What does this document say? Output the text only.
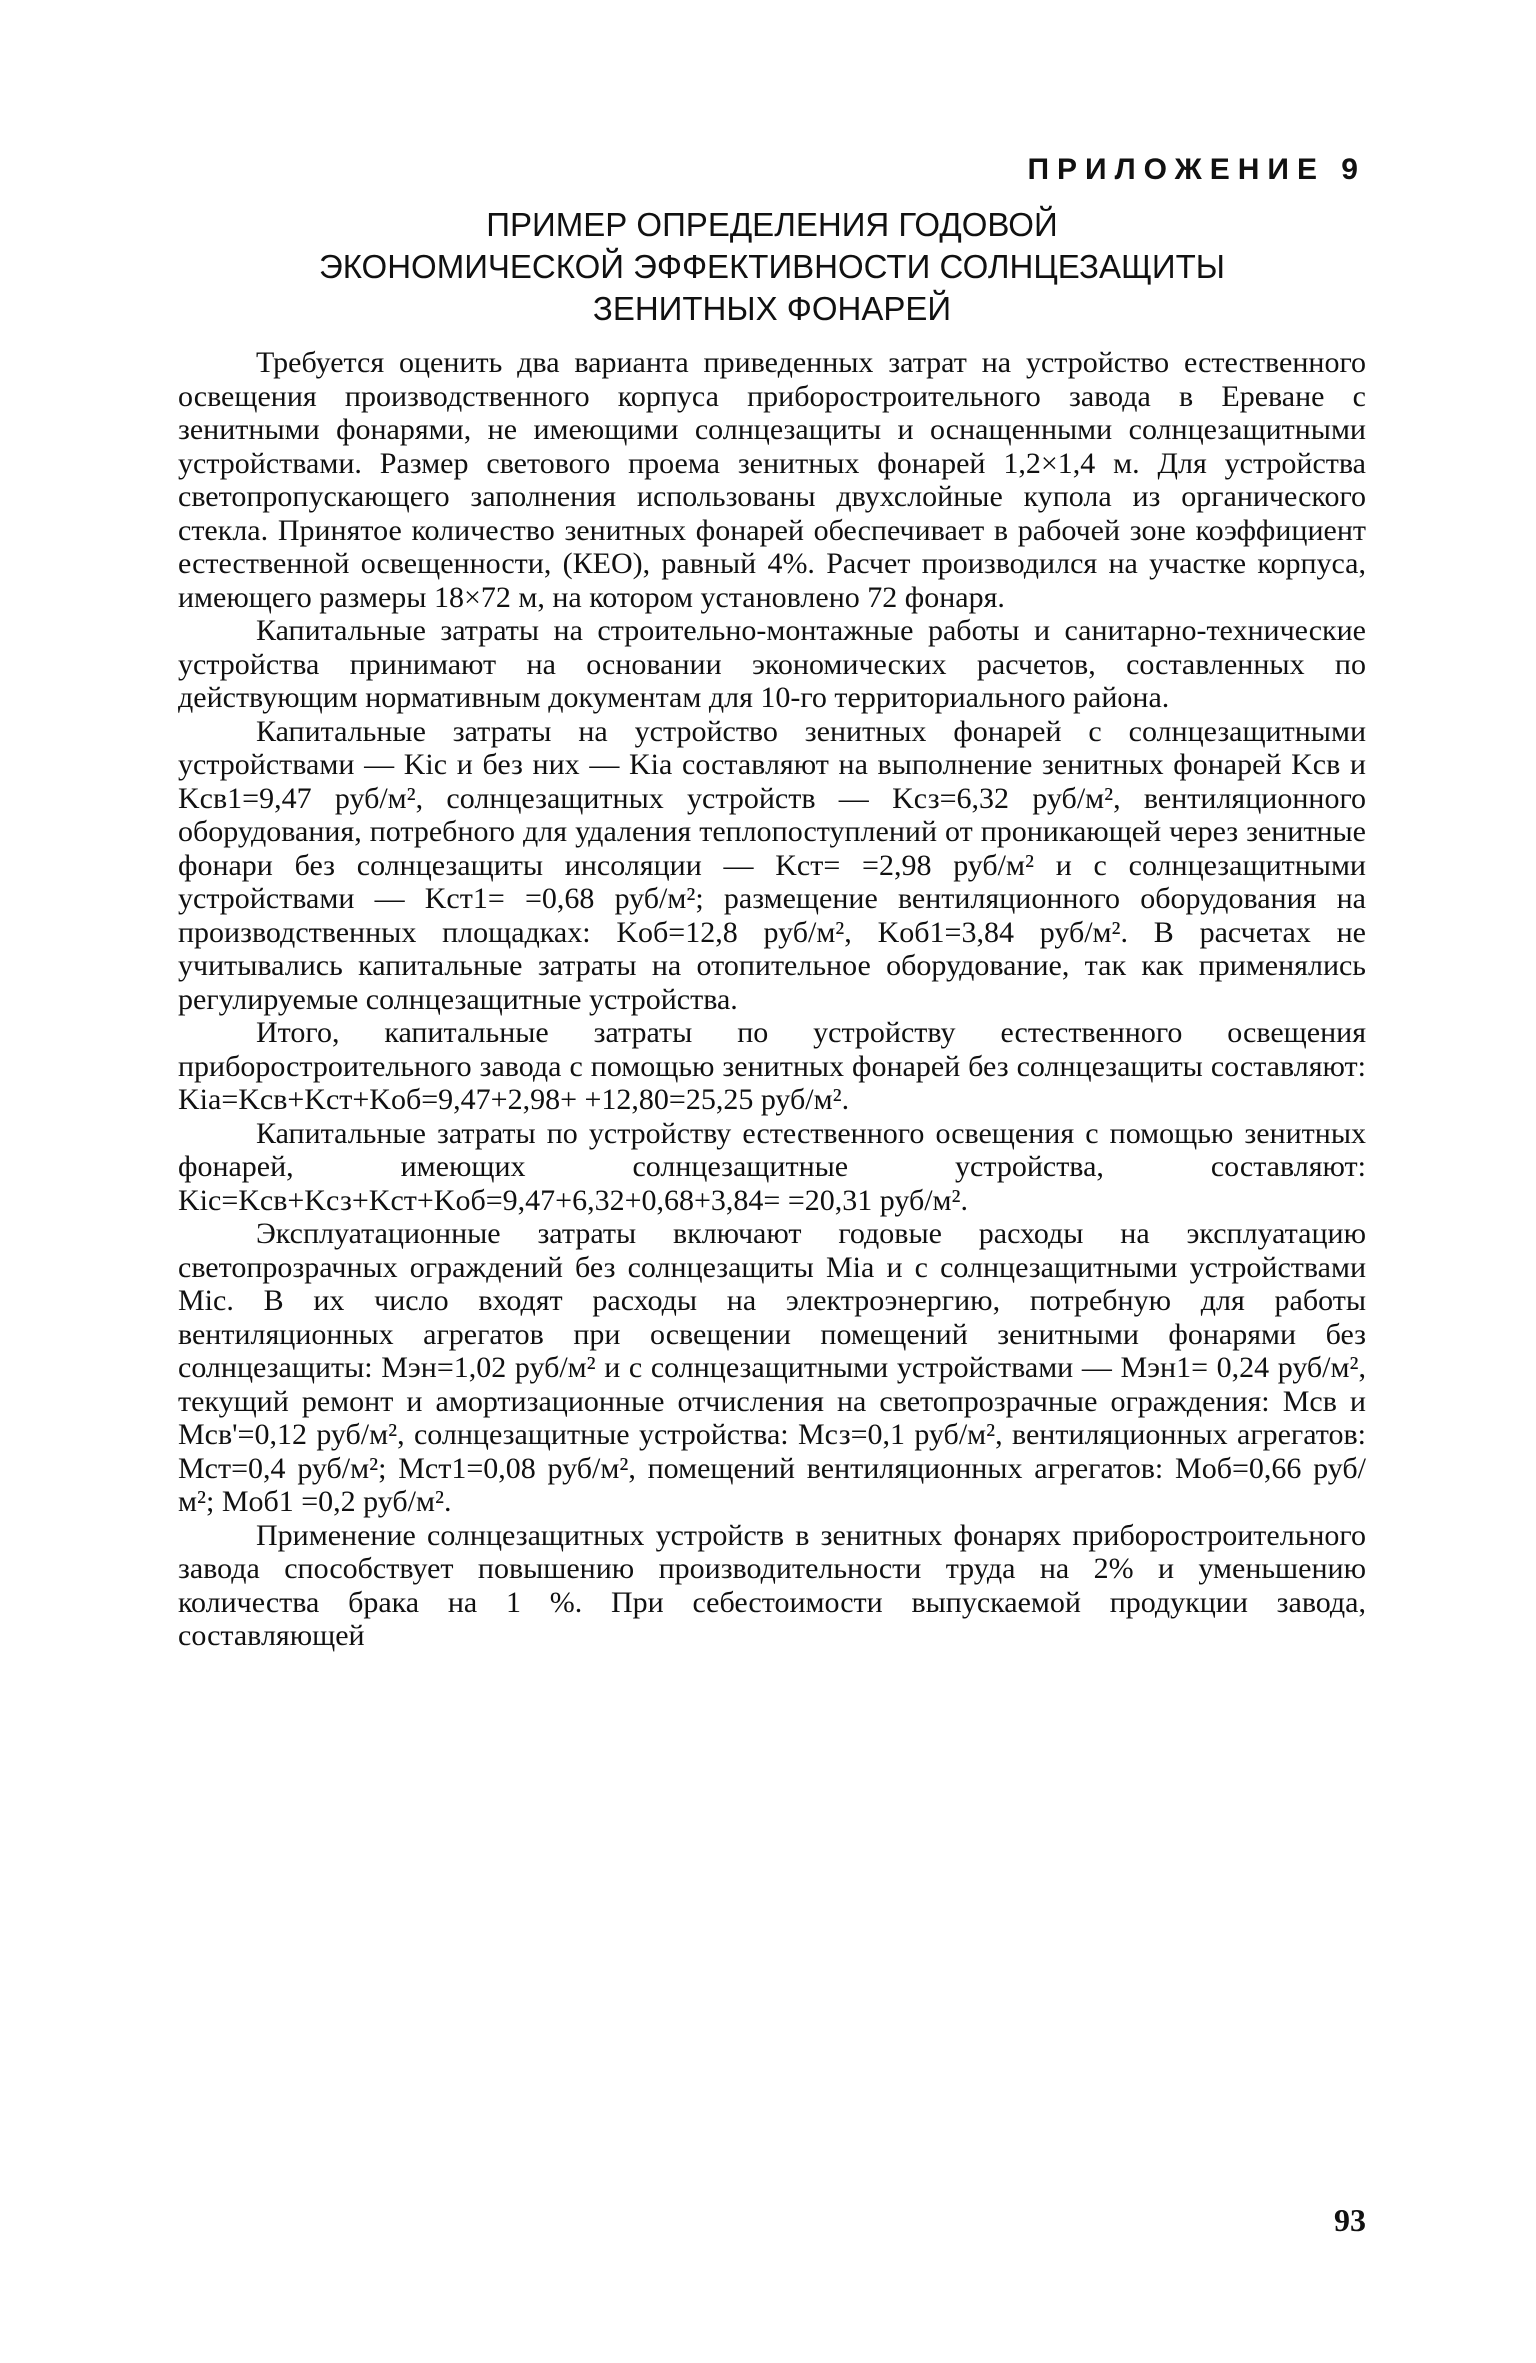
ПРИЛОЖЕНИЕ 9
ПРИМЕР ОПРЕДЕЛЕНИЯ ГОДОВОЙ
ЭКОНОМИЧЕСКОЙ ЭФФЕКТИВНОСТИ СОЛНЦЕЗАЩИТЫ
ЗЕНИТНЫХ ФОНАРЕЙ

Требуется оценить два варианта приведенных затрат на устройство естественного освещения производственного корпуса приборостроительного завода в Ереване с зенитными фонарями, не имеющими солнцезащиты и оснащенными солнцезащитными устройствами. Размер светового проема зенитных фонарей 1,2×1,4 м. Для устройства светопропускающего заполнения использованы двухслойные купола из органического стекла. Принятое количество зенитных фонарей обеспечивает в рабочей зоне коэффициент естественной освещенности, (КЕО), равный 4%. Расчет производился на участке корпуса, имеющего размеры 18×72 м, на котором установлено 72 фонаря.

Капитальные затраты на строительно-монтажные работы и санитарно-технические устройства принимают на основании экономических расчетов, составленных по действующим нормативным документам для 10-го территориального района.

Капитальные затраты на устройство зенитных фонарей с солнцезащитными устройствами — Kic и без них — Kia составляют на выполнение зенитных фонарей Kсв и Kсв1=9,47 руб/м², солнцезащитных устройств — Kсз=6,32 руб/м², вентиляционного оборудования, потребного для удаления теплопоступлений от проникающей через зенитные фонари без солнцезащиты инсоляции — Kст= =2,98 руб/м² и с солнцезащитными устройствами — Kст1= =0,68 руб/м²; размещение вентиляционного оборудования на производственных площадках: Kоб=12,8 руб/м², Kоб1=3,84 руб/м². В расчетах не учитывались капитальные затраты на отопительное оборудование, так как применялись регулируемые солнцезащитные устройства.

Итого, капитальные затраты по устройству естественного освещения приборостроительного завода с помощью зенитных фонарей без солнцезащиты составляют: Kia=Kсв+Kст+Kоб=9,47+2,98+ +12,80=25,25 руб/м².

Капитальные затраты по устройству естественного освещения с помощью зенитных фонарей, имеющих солнцезащитные устройства, составляют: Kic=Kсв+Kсз+Kст+Kоб=9,47+6,32+0,68+3,84= =20,31 руб/м².

Эксплуатационные затраты включают годовые расходы на эксплуатацию светопрозрачных ограждений без солнцезащиты Mia и с солнцезащитными устройствами Mic. В их число входят расходы на электроэнергию, потребную для работы вентиляционных агрегатов при освещении помещений зенитными фонарями без солнцезащиты: Mэн=1,02 руб/м² и с солнцезащитными устройствами — Mэн1= 0,24 руб/м², текущий ремонт и амортизационные отчисления на светопрозрачные ограждения: Mсв и Mсв'=0,12 руб/м², солнцезащитные устройства: Mсз=0,1 руб/м², вентиляционных агрегатов: Mст=0,4 руб/м²; Mст1=0,08 руб/м², помещений вентиляционных агрегатов: Mоб=0,66 руб/м²; Mоб1 =0,2 руб/м².

Применение солнцезащитных устройств в зенитных фонарях приборостроительного завода способствует повышению производительности труда на 2% и уменьшению количества брака на 1 %. При себестоимости выпускаемой продукции завода, составляющей

93
